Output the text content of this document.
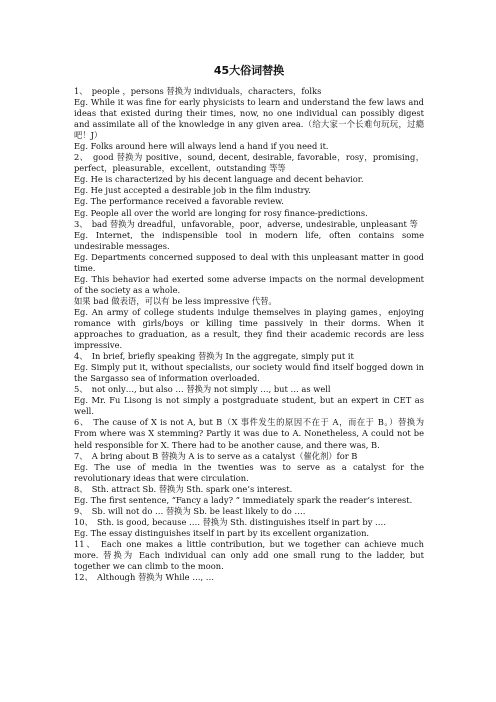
45大俗词替换

1、　people ，persons 替换为 individuals，characters，folks

Eg. While it was fine for early physicists to learn and understand the few laws and ideas that existed during their times, now, no one individual can possibly digest and assimilate all of the knowledge in any given area.（给大家一个长难句玩玩，过瘾吧！J）

Eg. Folks around here will always lend a hand if you need it.

2、　good 替换为 positive，sound, decent, desirable, favorable，rosy，promising，perfect，pleasurable，excellent，outstanding 等等

Eg. He is characterized by his decent language and decent behavior.

Eg. He just accepted a desirable job in the film industry.

Eg. The performance received a favorable review.

Eg. People all over the world are longing for rosy finance-predictions.

3、　bad 替换为 dreadful，unfavorable，poor，adverse, undesirable, unpleasant 等

Eg. Internet, the indispensible tool in modern life, often contains some undesirable messages.

Eg. Departments concerned supposed to deal with this unpleasant matter in good time.

Eg. This behavior had exerted some adverse impacts on the normal development of the society as a whole.

如果 bad 做表语，可以有 be less impressive 代替。

Eg. An army of college students indulge themselves in playing games，enjoying romance with girls/boys or killing time passively in their dorms. When it approaches to graduation, as a result, they find their academic records are less impressive.

4、　In brief, briefly speaking 替换为 In the aggregate, simply put it

Eg. Simply put it, without specialists, our society would find itself bogged down in the Sargasso sea of information overloaded.

5、　not only…, but also … 替换为 not simply …, but … as well

Eg. Mr. Fu Lisong is not simply a postgraduate student, but an expert in CET as well.

6、　The cause of X is not A, but B（X 事件发生的原因不在于 A，而在于 B。）替换为 From where was X stemming? Partly it was due to A. Nonetheless, A could not be held responsible for X. There had to be another cause, and there was, B.

7、　A bring about B 替换为 A is to serve as a catalyst（催化剂）for B

Eg. The use of media in the twenties was to serve as a catalyst for the revolutionary ideas that were circulation.

8、　Sth. attract Sb. 替换为 Sth. spark one’s interest.

Eg. The first sentence, “Fancy a lady? ” immediately spark the reader’s interest.

9、　Sb. will not do … 替换为 Sb. be least likely to do ….

10、　Sth. is good, because …. 替换为 Sth. distinguishes itself in part by ….

Eg. The essay distinguishes itself in part by its excellent organization.

11、 Each one makes a little contribution, but we together can achieve much more. 替换为 Each individual can only add one small rung to the ladder, but together we can climb to the moon.

12、　Although 替换为 While …, …
